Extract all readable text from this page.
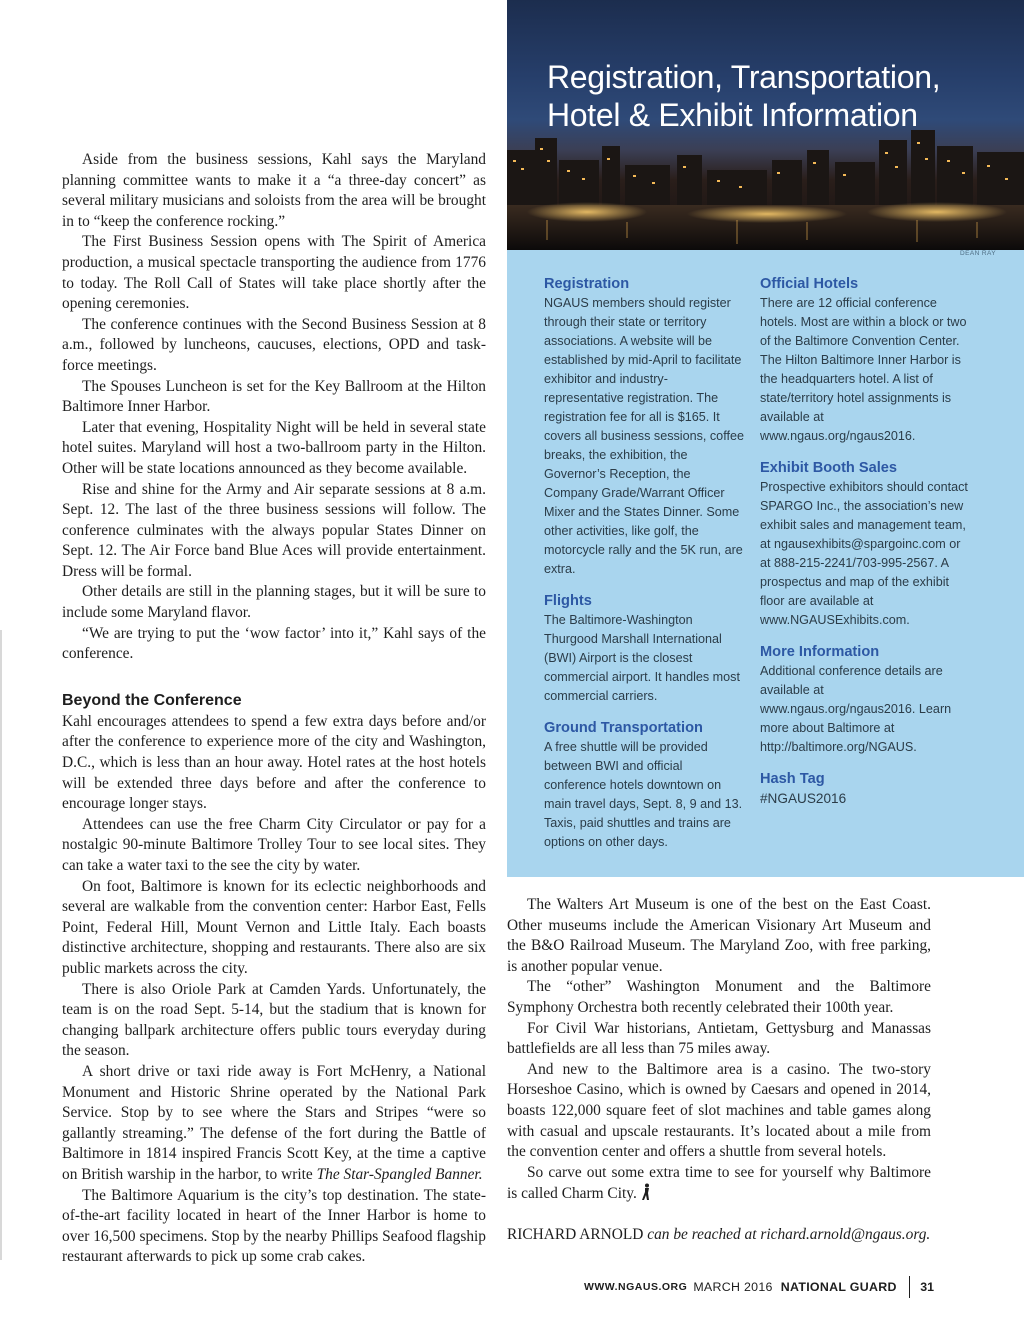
Aside from the business sessions, Kahl says the Maryland planning committee wants to make it a “a three-day concert” as several military musicians and soloists from the area will be brought in to “keep the conference rocking.”

The First Business Session opens with The Spirit of America production, a musical spectacle transporting the audience from 1776 to today. The Roll Call of States will take place shortly after the opening ceremonies.

The conference continues with the Second Business Session at 8 a.m., followed by luncheons, caucuses, elections, OPD and task-force meetings.

The Spouses Luncheon is set for the Key Ballroom at the Hilton Baltimore Inner Harbor.

Later that evening, Hospitality Night will be held in several state hotel suites. Maryland will host a two-ballroom party in the Hilton. Other will be state locations announced as they become available.

Rise and shine for the Army and Air separate sessions at 8 a.m. Sept. 12. The last of the three business sessions will follow. The conference culminates with the always popular States Dinner on Sept. 12. The Air Force band Blue Aces will provide entertainment. Dress will be formal.

Other details are still in the planning stages, but it will be sure to include some Maryland flavor.

“We are trying to put the ‘wow factor’ into it,” Kahl says of the conference.

Beyond the Conference

Kahl encourages attendees to spend a few extra days before and/or after the conference to experience more of the city and Washington, D.C., which is less than an hour away. Hotel rates at the host hotels will be extended three days before and after the conference to encourage longer stays.

Attendees can use the free Charm City Circulator or pay for a nostalgic 90-minute Baltimore Trolley Tour to see local sites. They can take a water taxi to the see the city by water.

On foot, Baltimore is known for its eclectic neighborhoods and several are walkable from the convention center: Harbor East, Fells Point, Federal Hill, Mount Vernon and Little Italy. Each boasts distinctive architecture, shopping and restaurants. There also are six public markets across the city.

There is also Oriole Park at Camden Yards. Unfortunately, the team is on the road Sept. 5-14, but the stadium that is known for changing ballpark architecture offers public tours everyday during the season.

A short drive or taxi ride away is Fort McHenry, a National Monument and Historic Shrine operated by the National Park Service. Stop by to see where the Stars and Stripes “were so gallantly streaming.” The defense of the fort during the Battle of Baltimore in 1814 inspired Francis Scott Key, at the time a captive on British warship in the harbor, to write The Star-Spangled Banner.

The Baltimore Aquarium is the city’s top destination. The state-of-the-art facility located in heart of the Inner Harbor is home to over 16,500 specimens. Stop by the nearby Phillips Seafood flagship restaurant afterwards to pick up some crab cakes.

Registration, Transportation, Hotel & Exhibit Information
DEAN RAY
Registration
NGAUS members should register through their state or territory associations. A website will be established by mid-April to facilitate exhibitor and industry-representative registration. The registration fee for all is $165. It covers all business sessions, coffee breaks, the exhibition, the Governor’s Reception, the Company Grade/Warrant Officer Mixer and the States Dinner. Some other activities, like golf, the motorcycle rally and the 5K run, are extra.
Flights
The Baltimore-Washington Thurgood Marshall International (BWI) Airport is the closest commercial airport. It handles most commercial carriers.
Ground Transportation
A free shuttle will be provided between BWI and official conference hotels downtown on main travel days, Sept. 8, 9 and 13. Taxis, paid shuttles and trains are options on other days.
Official Hotels
There are 12 official conference hotels. Most are within a block or two of the Baltimore Convention Center. The Hilton Baltimore Inner Harbor is the headquarters hotel. A list of state/territory hotel assignments is available at www.ngaus.org/ngaus2016.
Exhibit Booth Sales
Prospective exhibitors should contact SPARGO Inc., the association’s new exhibit sales and management team, at ngausexhibits@spargoinc.com or at 888-215-2241/703-995-2567. A prospectus and map of the exhibit floor are available at www.NGAUSExhibits.com.
More Information
Additional conference details are available at www.ngaus.org/ngaus2016. Learn more about Baltimore at http://baltimore.org/NGAUS.
Hash Tag
#NGAUS2016

The Walters Art Museum is one of the best on the East Coast. Other museums include the American Visionary Art Museum and the B&O Railroad Museum. The Maryland Zoo, with free parking, is another popular venue.

The “other” Washington Monument and the Baltimore Symphony Orchestra both recently celebrated their 100th year.

For Civil War historians, Antietam, Gettysburg and Manassas battlefields are all less than 75 miles away.

And new to the Baltimore area is a casino. The two-story Horseshoe Casino, which is owned by Caesars and opened in 2014, boasts 122,000 square feet of slot machines and table games along with casual and upscale restaurants. It’s located about a mile from the convention center and offers a shuttle from several hotels.

So carve out some extra time to see for yourself why Baltimore is called Charm City.

RICHARD ARNOLD can be reached at richard.arnold@ngaus.org.

WWW.NGAUS.ORG MARCH 2016 NATIONAL GUARD 31
